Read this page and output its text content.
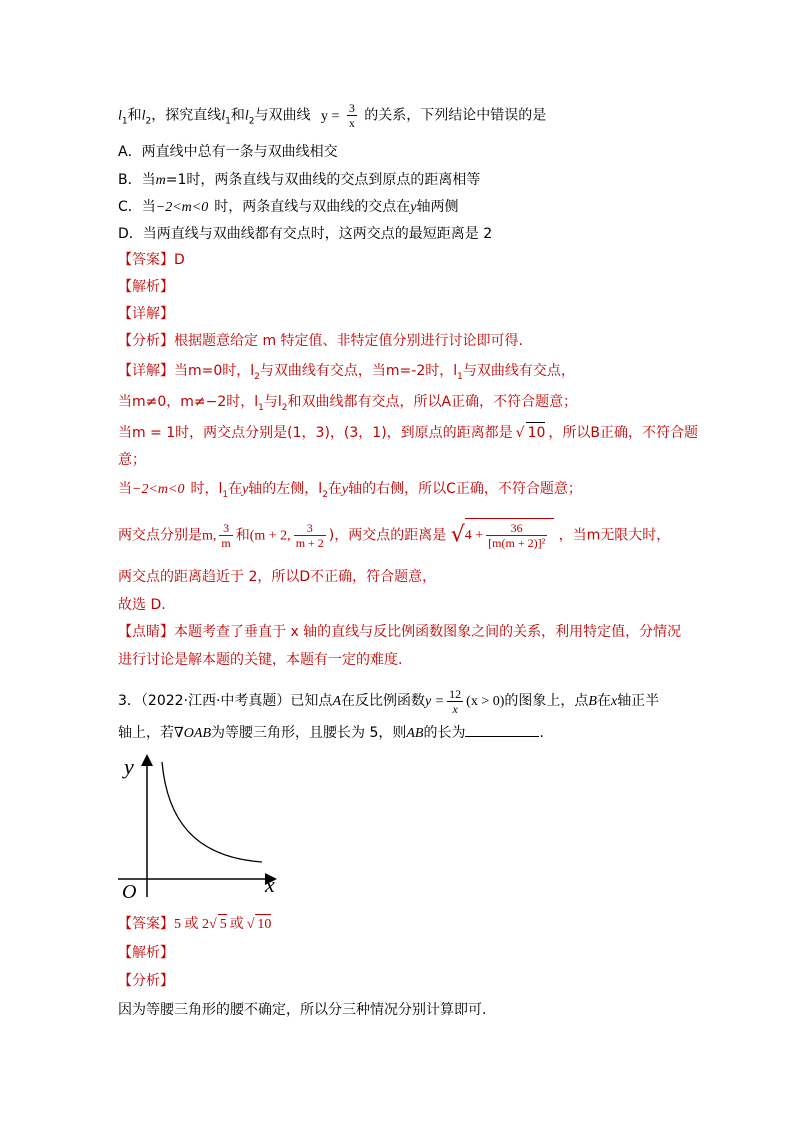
$l_1$和$l_2$，探究直线$l_1$和$l_2$与双曲线 $y = \frac{3}{x}$ 的关系，下列结论中错误的是
A．两直线中总有一条与双曲线相交
B．当m=1时，两条直线与双曲线的交点到原点的距离相等
C．当−2<m<0 时，两条直线与双曲线的交点在y轴两侧
D．当两直线与双曲线都有交点时，这两交点的最短距离是 2
【答案】D
【解析】
【详解】
【分析】根据题意给定 m 特定值、非特定值分别进行讨论即可得.
【详解】当m=0时，$l_2$与双曲线有交点，当m=-2时，$l_1$与双曲线有交点，
当m≠0，m≠−2时，$l_1$与$l_2$和双曲线都有交点，所以A正确，不符合题意；
当m = 1时，两交点分别是(1，3)，(3，1)，到原点的距离都是 √ 10 ，所以B正确，不符合题
意；
当−2<m<0 时，$l_1$在y轴的左侧，$l_2$在y轴的右侧，所以C正确，不符合题意；
两交点分别是m, $\frac{3}{m}$ 和(m + 2, $\frac{3}{m + 2}$ )，两交点的距离是 $√4 + \frac{36}{\text{[m(m + 2)]²}}$ ，当m无限大时，
两交点的距离趋近于 2，所以D不正确，符合题意，
故选 D.
【点睛】本题考查了垂直于 x 轴的直线与反比例函数图象之间的关系，利用特定值，分情况
进行讨论是解本题的关键，本题有一定的难度.
3．（2022·江西·中考真题）已知点A在反比例函数$y = \frac{12}{x} (x > 0)$的图象上，点B在x轴正半
轴上，若∇OAB为等腰三角形，且腰长为 5，则AB的长为	.
y
x
O
【答案】5 或 2√ 5 或 √ 10
【解析】
【分析】
因为等腰三角形的腰不确定，所以分三种情况分别计算即可.
